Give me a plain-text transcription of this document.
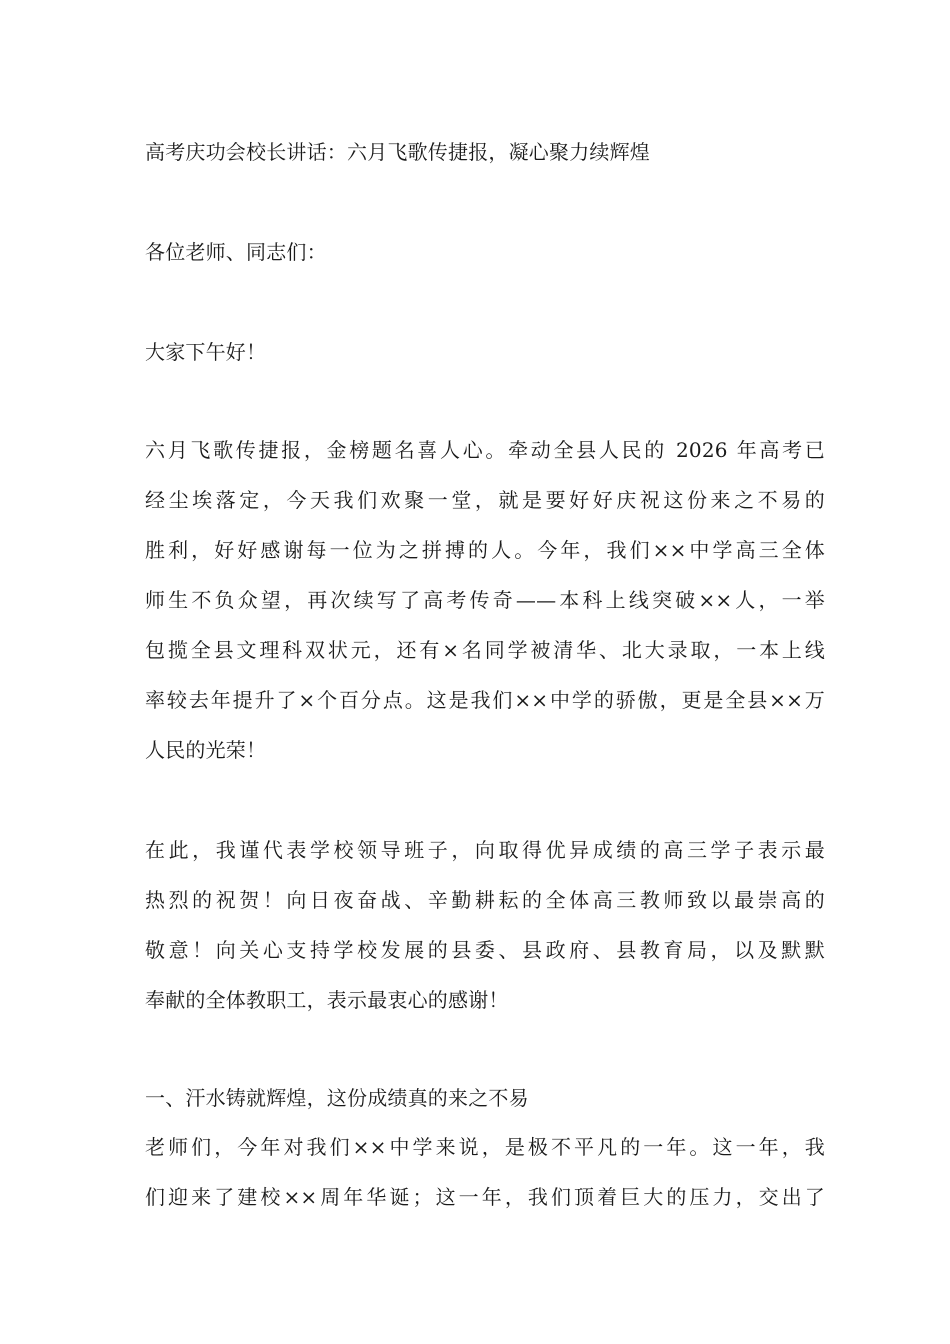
高考庆功会校长讲话：六月飞歌传捷报，凝心聚力续辉煌
各位老师、同志们：
大家下午好！
六月飞歌传捷报，金榜题名喜人心。牵动全县人民的 2026 年高考已
经尘埃落定，今天我们欢聚一堂，就是要好好庆祝这份来之不易的
胜利，好好感谢每一位为之拼搏的人。今年，我们××中学高三全体
师生不负众望，再次续写了高考传奇——本科上线突破××人，一举
包揽全县文理科双状元，还有×名同学被清华、北大录取，一本上线
率较去年提升了×个百分点。这是我们××中学的骄傲，更是全县××万
人民的光荣！
在此，我谨代表学校领导班子，向取得优异成绩的高三学子表示最
热烈的祝贺！向日夜奋战、辛勤耕耘的全体高三教师致以最崇高的
敬意！向关心支持学校发展的县委、县政府、县教育局，以及默默
奉献的全体教职工，表示最衷心的感谢！
一、汗水铸就辉煌，这份成绩真的来之不易
老师们，今年对我们××中学来说，是极不平凡的一年。这一年，我
们迎来了建校××周年华诞；这一年，我们顶着巨大的压力，交出了
